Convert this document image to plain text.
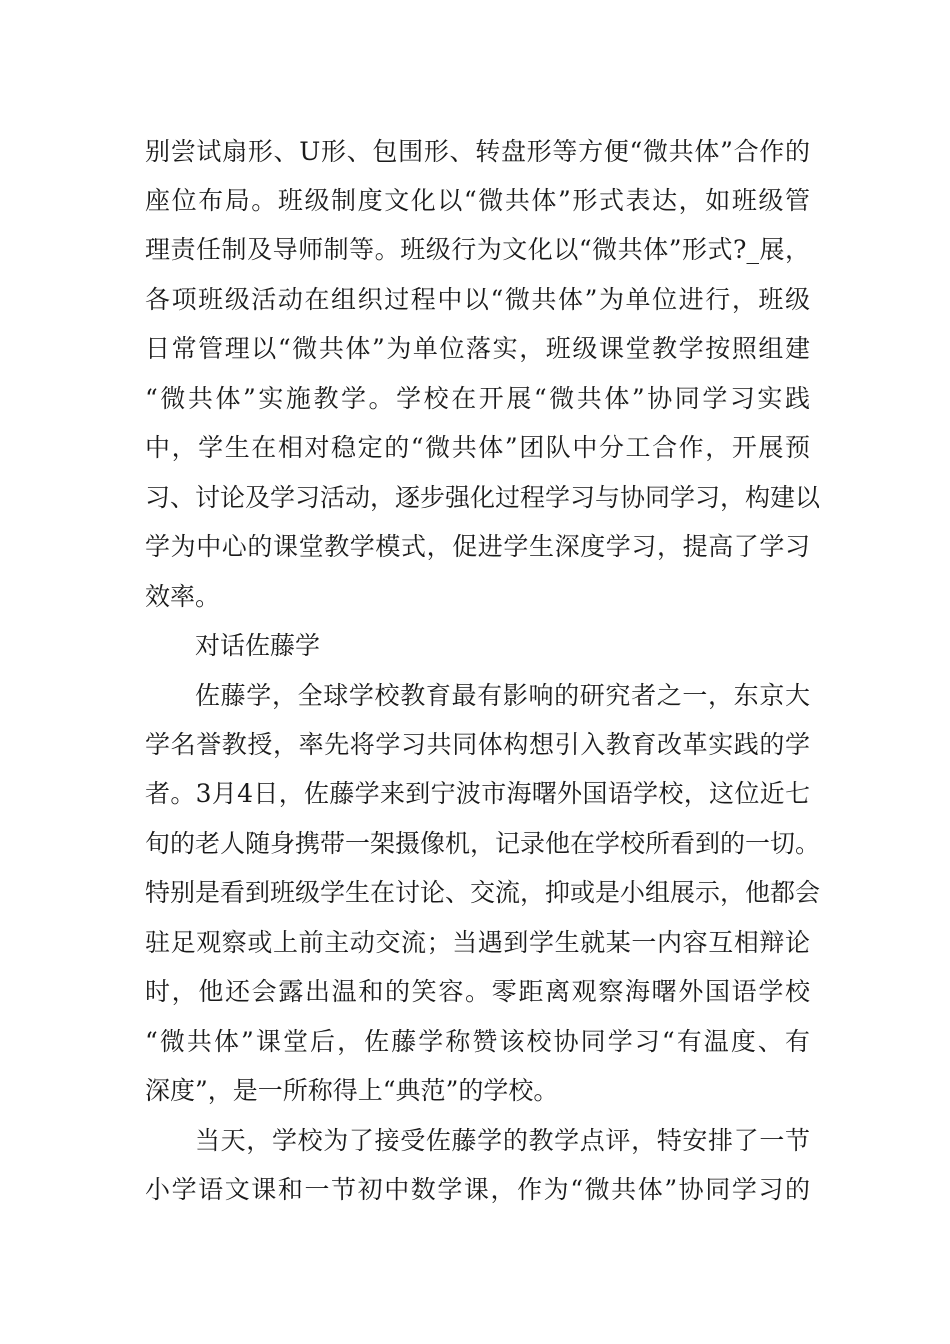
别尝试扇形、U形、包围形、转盘形等方便“微共体”合作的
座位布局。班级制度文化以“微共体”形式表达，如班级管
理责任制及导师制等。班级行为文化以“微共体”形式?_展，
各项班级活动在组织过程中以“微共体”为单位进行，班级
日常管理以“微共体”为单位落实，班级课堂教学按照组建
“微共体”实施教学。学校在开展“微共体”协同学习实践
中，学生在相对稳定的“微共体”团队中分工合作，开展预
习、讨论及学习活动，逐步强化过程学习与协同学习，构建以
学为中心的课堂教学模式，促进学生深度学习，提高了学习
效率。
对话佐藤学
佐藤学，全球学校教育最有影响的研究者之一，东京大
学名誉教授，率先将学习共同体构想引入教育改革实践的学
者。3月4日，佐藤学来到宁波市海曙外国语学校，这位近七
旬的老人随身携带一架摄像机，记录他在学校所看到的一切。
特别是看到班级学生在讨论、交流，抑或是小组展示，他都会
驻足观察或上前主动交流；当遇到学生就某一内容互相辩论
时，他还会露出温和的笑容。零距离观察海曙外国语学校
“微共体”课堂后，佐藤学称赞该校协同学习“有温度、有
深度”，是一所称得上“典范”的学校。
当天，学校为了接受佐藤学的教学点评，特安排了一节
小学语文课和一节初中数学课，作为“微共体”协同学习的
